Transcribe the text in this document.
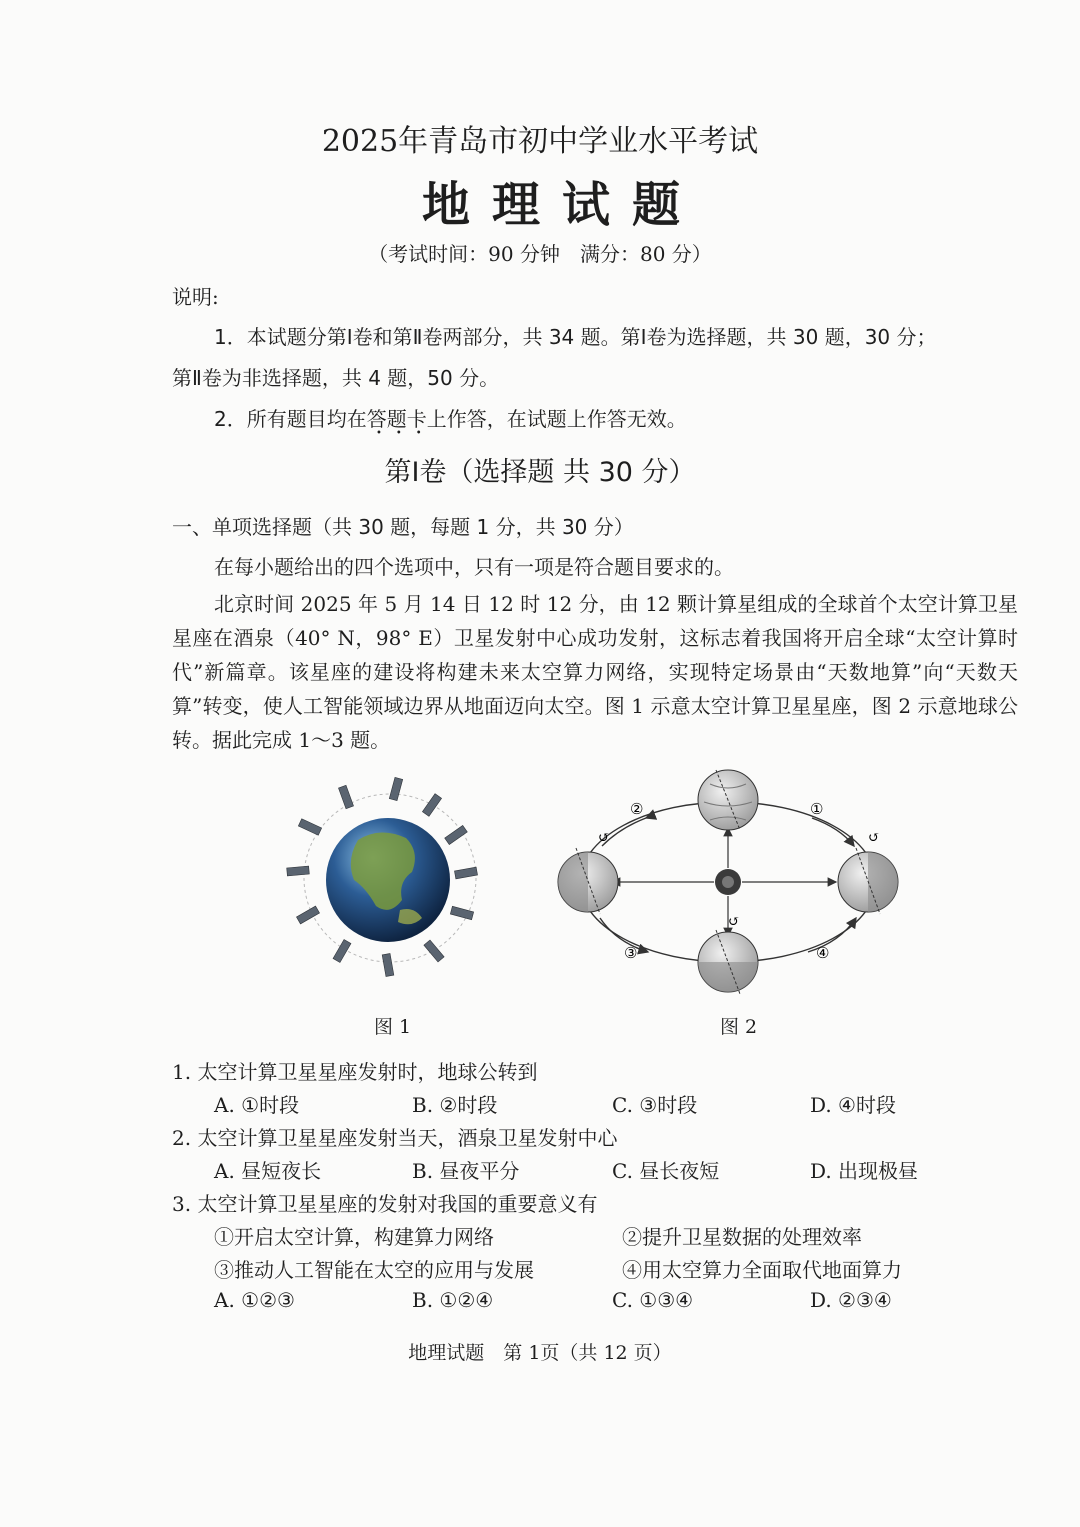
2025年青岛市初中学业水平考试
地理试题
（考试时间：90 分钟　满分：80 分）
说明:
1．本试题分第Ⅰ卷和第Ⅱ卷两部分，共 34 题。第Ⅰ卷为选择题，共 30 题，30 分；
第Ⅱ卷为非选择题，共 4 题，50 分。
2．所有题目均在答题卡上作答，在试题上作答无效。
•••
第Ⅰ卷（选择题 共 30 分）
一、单项选择题（共 30 题，每题 1 分，共 30 分）
在每小题给出的四个选项中，只有一项是符合题目要求的。
北京时间 2025 年 5 月 14 日 12 时 12 分，由 12 颗计算星组成的全球首个太空计算卫星星座在酒泉（40° N，98° E）卫星发射中心成功发射，这标志着我国将开启全球“太空计算时代”新篇章。该星座的建设将构建未来太空算力网络，实现特定场景由“天数地算”向“天数天算”转变，使人工智能领域边界从地面迈向太空。图 1 示意太空计算卫星星座，图 2 示意地球公转。据此完成 1～3 题。
↺	↺
↺
①
②
③	④
图 1	图 2
1. 太空计算卫星星座发射时，地球公转到
A. ①时段	B. ②时段	C. ③时段	D. ④时段
2. 太空计算卫星星座发射当天，酒泉卫星发射中心
A. 昼短夜长	B. 昼夜平分	C. 昼长夜短	D. 出现极昼
3. 太空计算卫星星座的发射对我国的重要意义有
①开启太空计算，构建算力网络	②提升卫星数据的处理效率
③推动人工智能在太空的应用与发展	④用太空算力全面取代地面算力
A. ①②③	B. ①②④	C. ①③④	D. ②③④
地理试题　第 1页（共 12 页）
